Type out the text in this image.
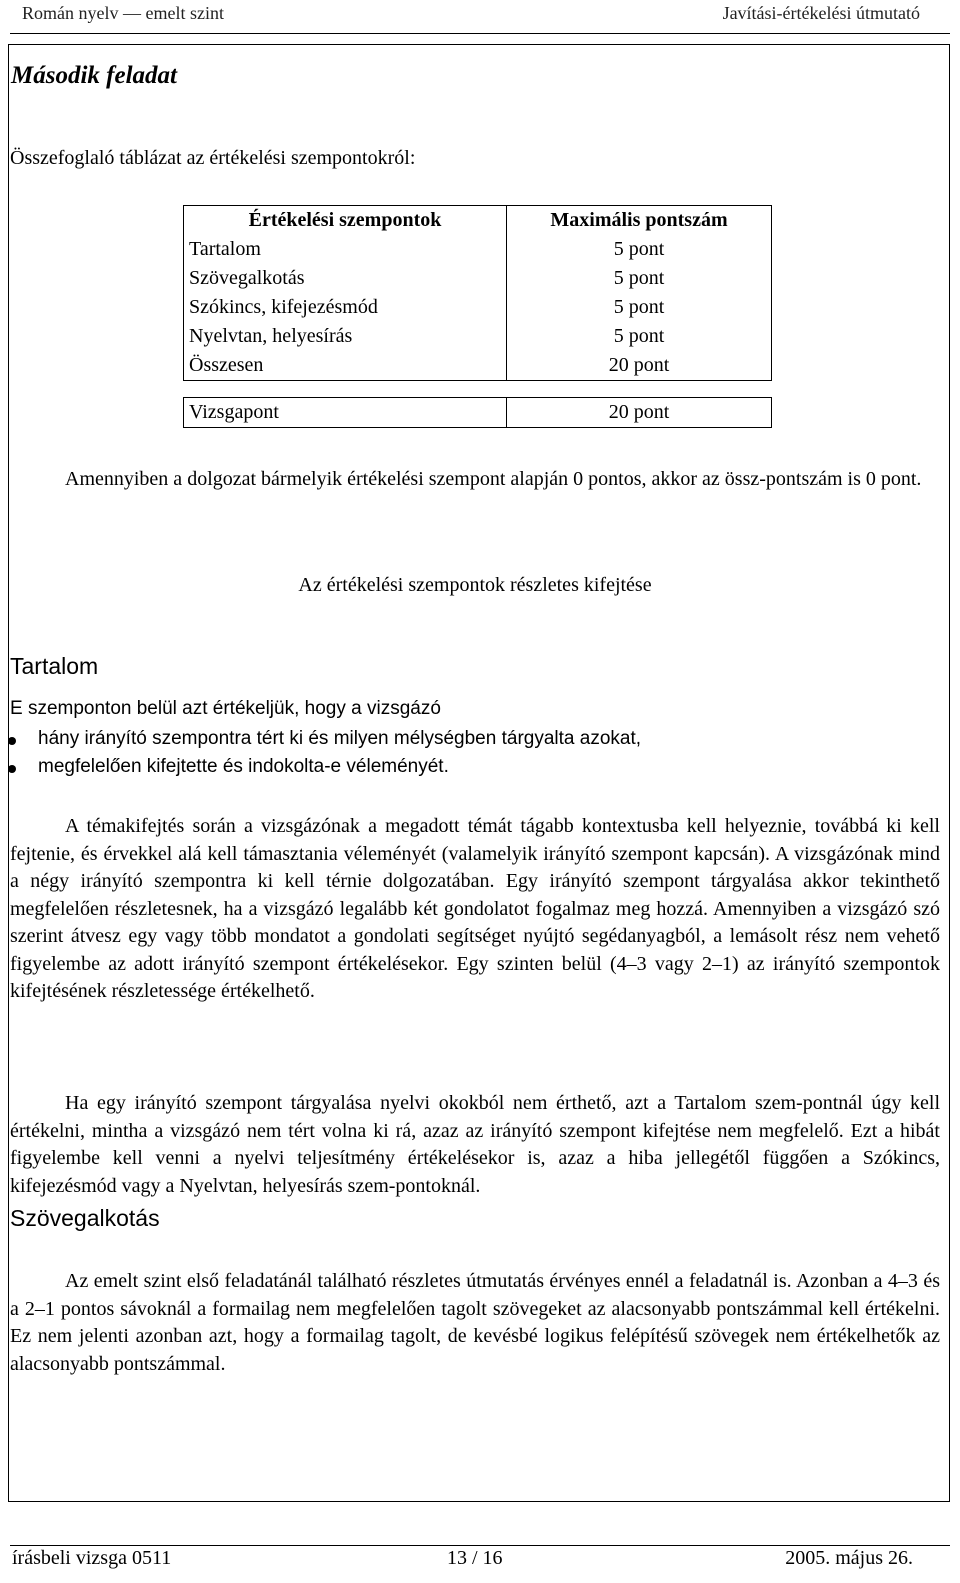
Román nyelv — emelt szint	Javítási-értékelési útmutató
Második feladat
Összefoglaló táblázat az értékelési szempontokról:
Értékelési szempontok	Maximális pontszám
Tartalom	5 pont
Szövegalkotás	5 pont
Szókincs, kifejezésmód	5 pont
Nyelvtan, helyesírás	5 pont
Összesen	20 pont

Vizsgapont	20 pont
Amennyiben a dolgozat bármelyik értékelési szempont alapján 0 pontos, akkor az össz-pontszám is 0 pont.
Az értékelési szempontok részletes kifejtése
Tartalom
E szemponton belül azt értékeljük, hogy a vizsgázó
hány irányító szempontra tért ki és milyen mélységben tárgyalta azokat,
megfelelően kifejtette és indokolta-e véleményét.
A témakifejtés során a vizsgázónak a megadott témát tágabb kontextusba kell helyeznie, továbbá ki kell fejtenie, és érvekkel alá kell támasztania véleményét (valamelyik irányító szempont kapcsán). A vizsgázónak mind a négy irányító szempontra ki kell térnie dolgozatában. Egy irányító szempont tárgyalása akkor tekinthető megfelelően részletesnek, ha a vizsgázó legalább két gondolatot fogalmaz meg hozzá. Amennyiben a vizsgázó szó szerint átvesz egy vagy több mondatot a gondolati segítséget nyújtó segédanyagból, a lemásolt rész nem vehető figyelembe az adott irányító szempont értékelésekor. Egy szinten belül (4–3 vagy 2–1) az irányító szempontok kifejtésének részletessége értékelhető.
Ha egy irányító szempont tárgyalása nyelvi okokból nem érthető, azt a Tartalom szem-pontnál úgy kell értékelni, mintha a vizsgázó nem tért volna ki rá, azaz az irányító szempont kifejtése nem megfelelő. Ezt a hibát figyelembe kell venni a nyelvi teljesítmény értékelésekor is, azaz a hiba jellegétől függően a Szókincs, kifejezésmód vagy a Nyelvtan, helyesírás szem-pontoknál.
Szövegalkotás
Az emelt szint első feladatánál található részletes útmutatás érvényes ennél a feladatnál is. Azonban a 4–3 és a 2–1 pontos sávoknál a formailag nem megfelelően tagolt szövegeket az alacsonyabb pontszámmal kell értékelni. Ez nem jelenti azonban azt, hogy a formailag tagolt, de kevésbé logikus felépítésű szövegek nem értékelhetők az alacsonyabb pontszámmal.
írásbeli vizsga 0511	13 / 16	2005. május 26.
